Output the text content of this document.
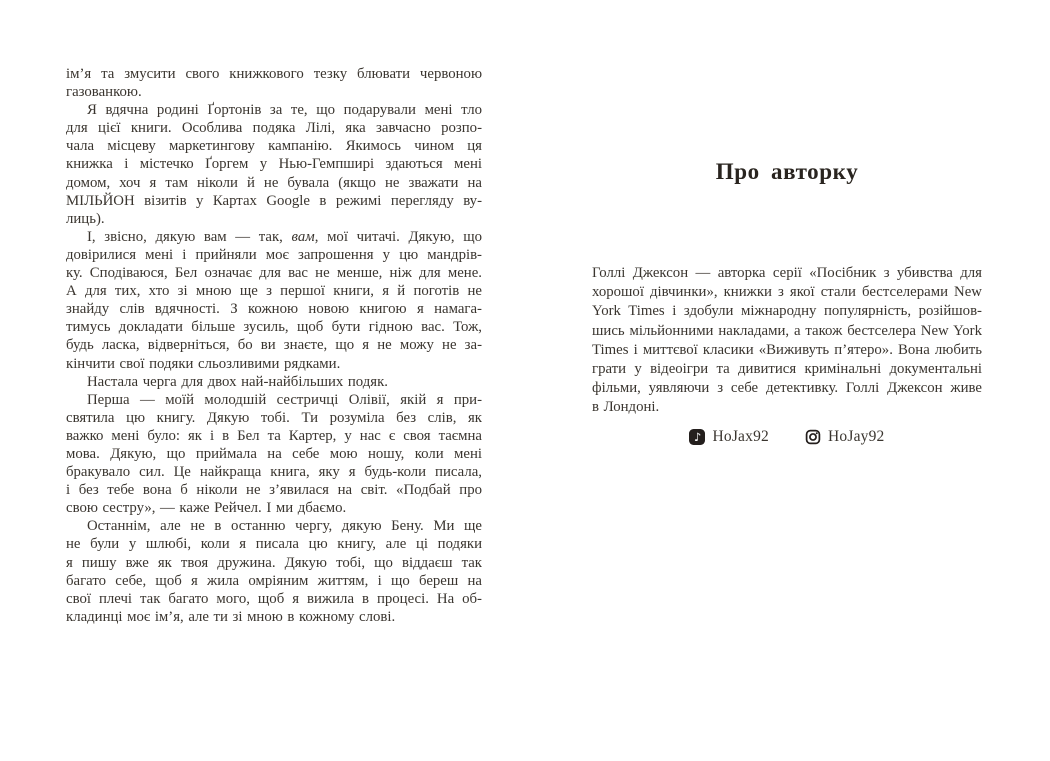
ім’я та змусити свого книжкового тезку блювати червоною
газованкою.
Я вдячна родині Ґортонів за те, що подарували мені тло
для цієї книги. Особлива подяка Лілі, яка завчасно розпо-
чала місцеву маркетингову кампанію. Якимось чином ця
книжка і містечко Ґоргем у Нью-Гемпширі здаються мені
домом, хоч я там ніколи й не бувала (якщо не зважати на
МІЛЬЙОН візитів у Картах Google в режимі перегляду ву-
лиць).
І, звісно, дякую вам — так, вам, мої читачі. Дякую, що
довірилися мені і прийняли моє запрошення у цю мандрів-
ку. Сподіваюся, Бел означає для вас не менше, ніж для мене.
А для тих, хто зі мною ще з першої книги, я й поготів не
знайду слів вдячності. З кожною новою книгою я намага-
тимусь докладати більше зусиль, щоб бути гідною вас. Тож,
будь ласка, відверніться, бо ви знаєте, що я не можу не за-
кінчити свої подяки сльозливими рядками.
Настала черга для двох най-найбільших подяк.
Перша — моїй молодшій сестричці Олівії, якій я при-
святила цю книгу. Дякую тобі. Ти розуміла без слів, як
важко мені було: як і в Бел та Картер, у нас є своя таємна
мова. Дякую, що приймала на себе мою ношу, коли мені
бракувало сил. Це найкраща книга, яку я будь-коли писала,
і без тебе вона б ніколи не з’явилася на світ. «Подбай про
свою сестру», — каже Рейчел. І ми дбаємо.
Останнім, але не в останню чергу, дякую Бену. Ми ще
не були у шлюбі, коли я писала цю книгу, але ці подяки
я пишу вже як твоя дружина. Дякую тобі, що віддаєш так
багато себе, щоб я жила омріяним життям, і що береш на
свої плечі так багато мого, щоб я вижила в процесі. На об-
кладинці моє ім’я, але ти зі мною в кожному слові.
Про авторку
Голлі Джексон — авторка серії «Посібник з убивства для
хорошої дівчинки», книжки з якої стали бестселерами New
York Times і здобули міжнародну популярність, розійшов-
шись мільйонними накладами, а також бестселера New York
Times і миттєвої класики «Виживуть п’ятеро». Вона любить
грати у відеоігри та дивитися кримінальні документальні
фільми, уявляючи з себе детективку. Голлі Джексон живе
в Лондоні.
♪ HoJax92	HoJay92
